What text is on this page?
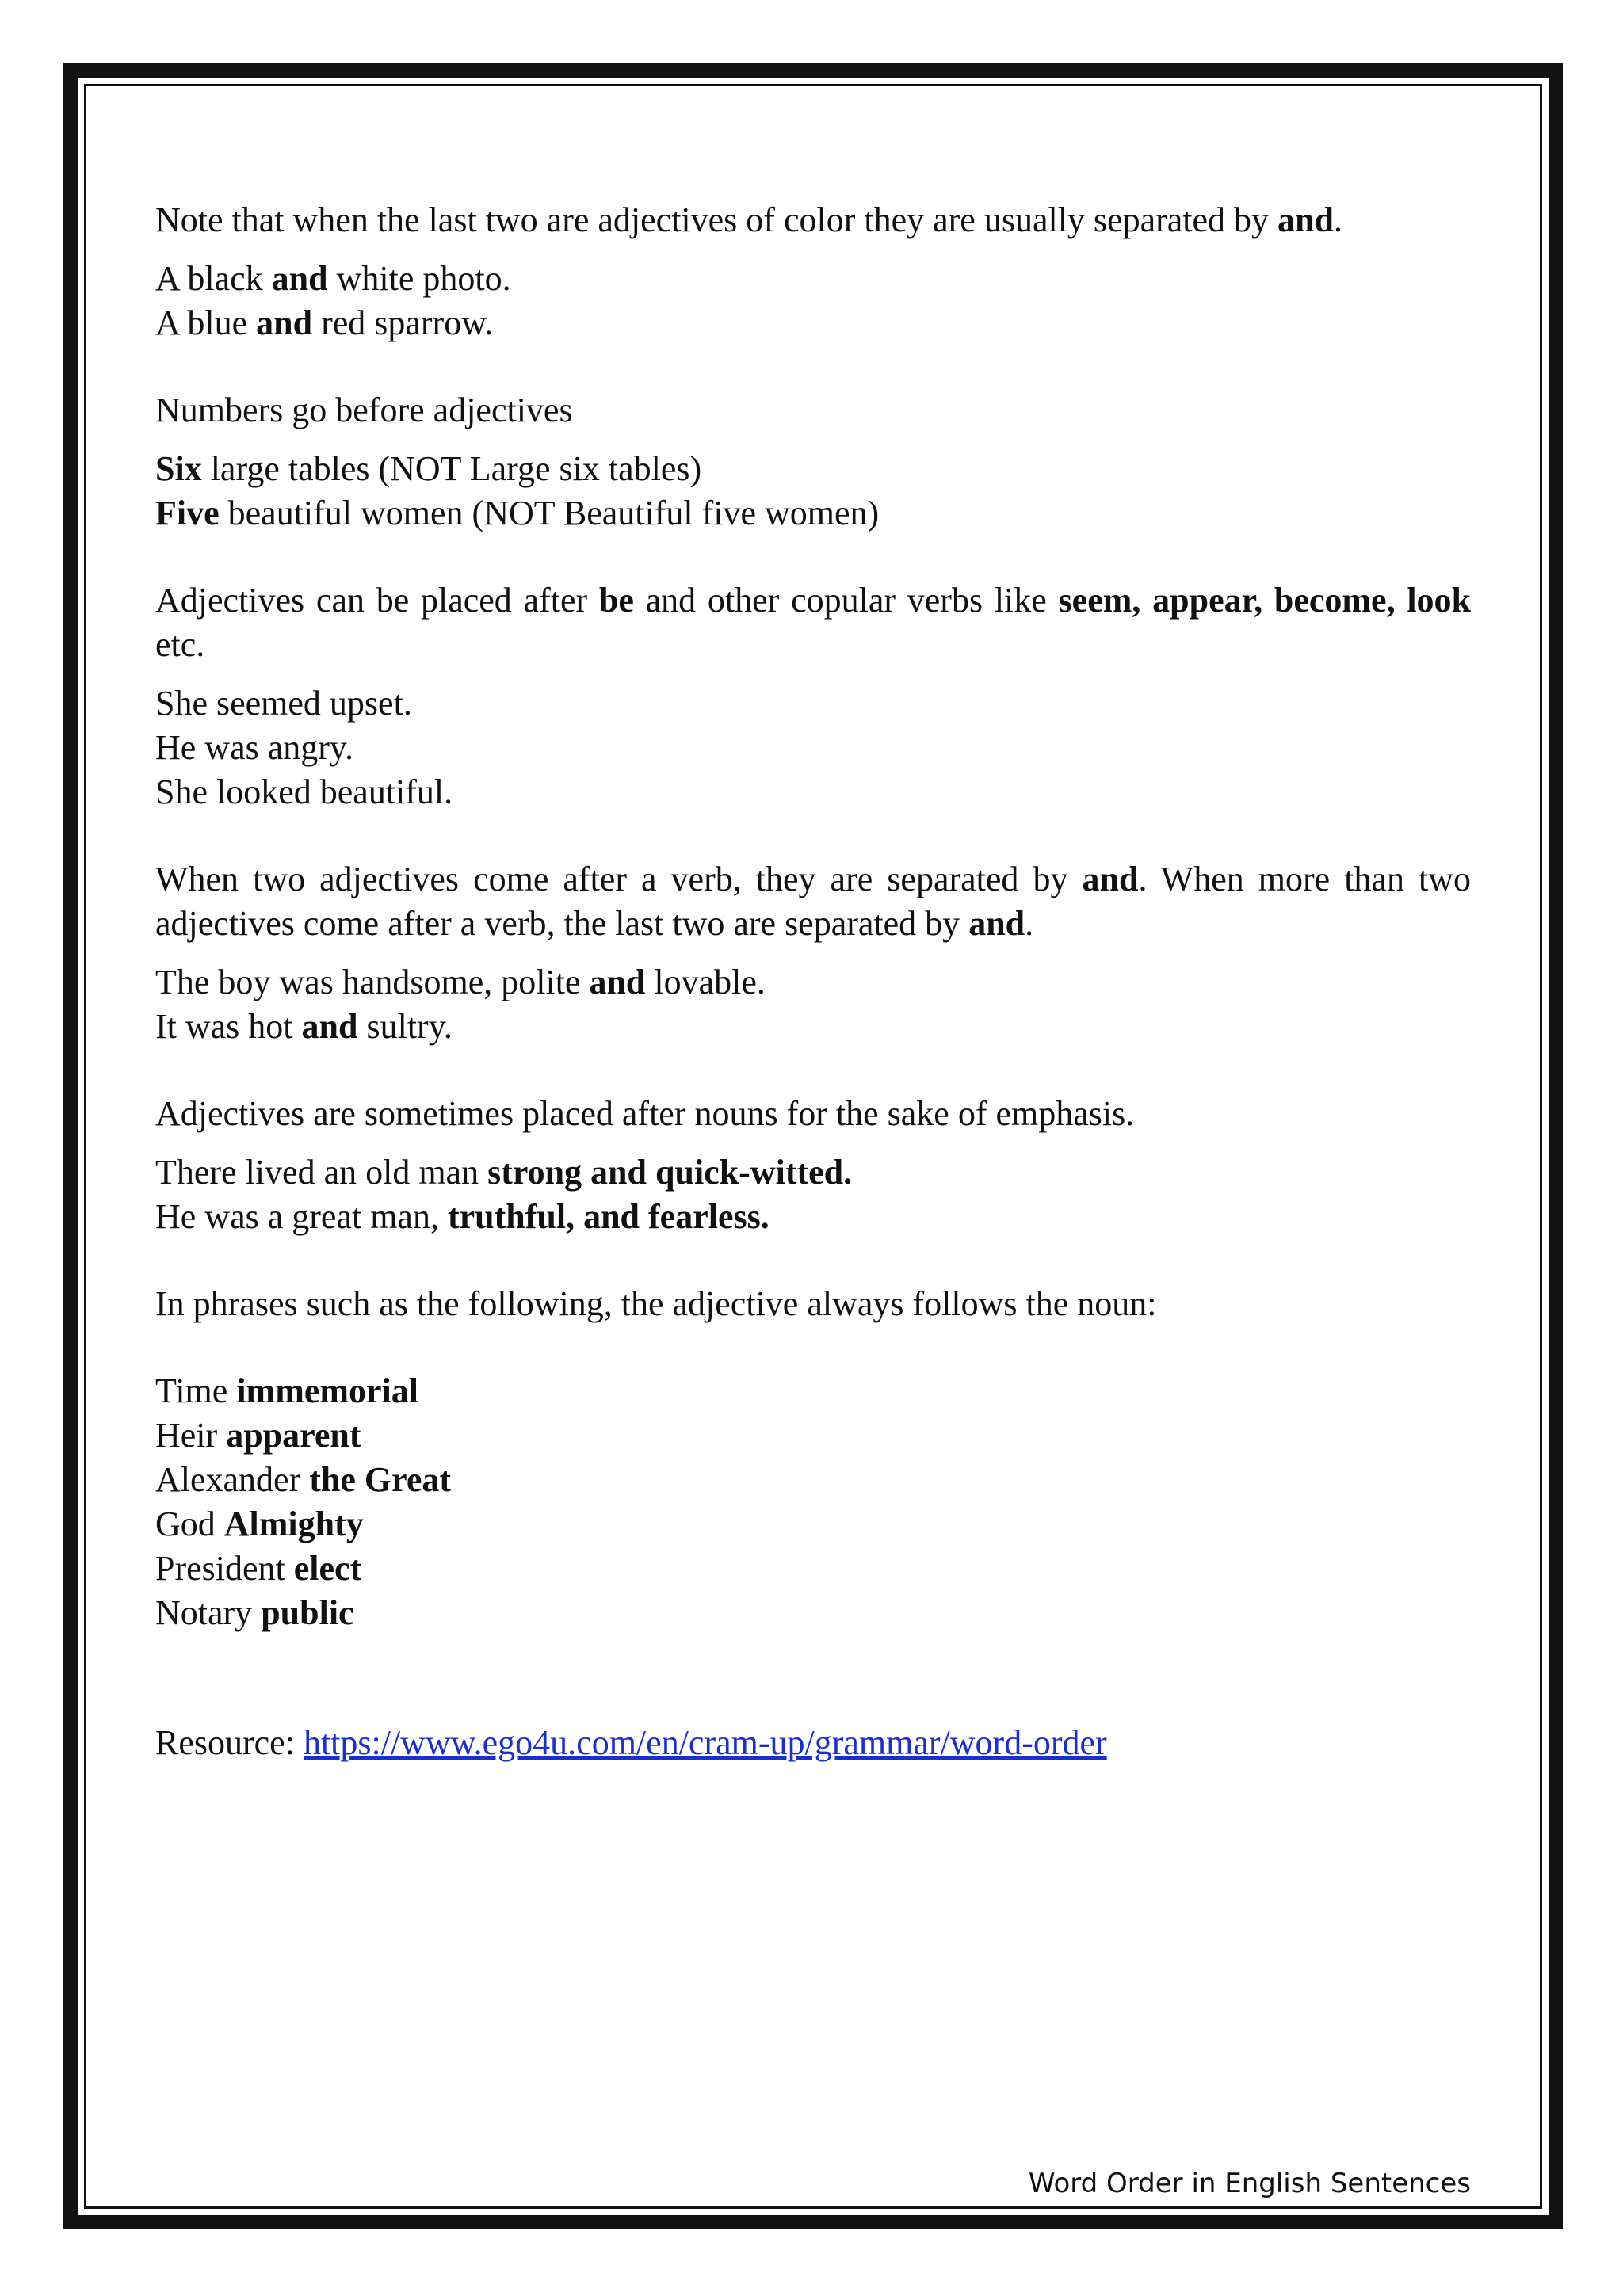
Note that when the last two are adjectives of color they are usually separated by and.

A black and white photo.

A blue and red sparrow.

Numbers go before adjectives

Six large tables (NOT Large six tables)

Five beautiful women (NOT Beautiful five women)

Adjectives can be placed after be and other copular verbs like seem, appear, become, look etc.

She seemed upset.

He was angry.

She looked beautiful.

When two adjectives come after a verb, they are separated by and. When more than two adjectives come after a verb, the last two are separated by and.

The boy was handsome, polite and lovable.

It was hot and sultry.

Adjectives are sometimes placed after nouns for the sake of emphasis.

There lived an old man strong and quick-witted.

He was a great man, truthful, and fearless.

In phrases such as the following, the adjective always follows the noun:

Time immemorial

Heir apparent

Alexander the Great

God Almighty

President elect

Notary public

Resource: https://www.ego4u.com/en/cram-up/grammar/word-order

Word Order in English Sentences
